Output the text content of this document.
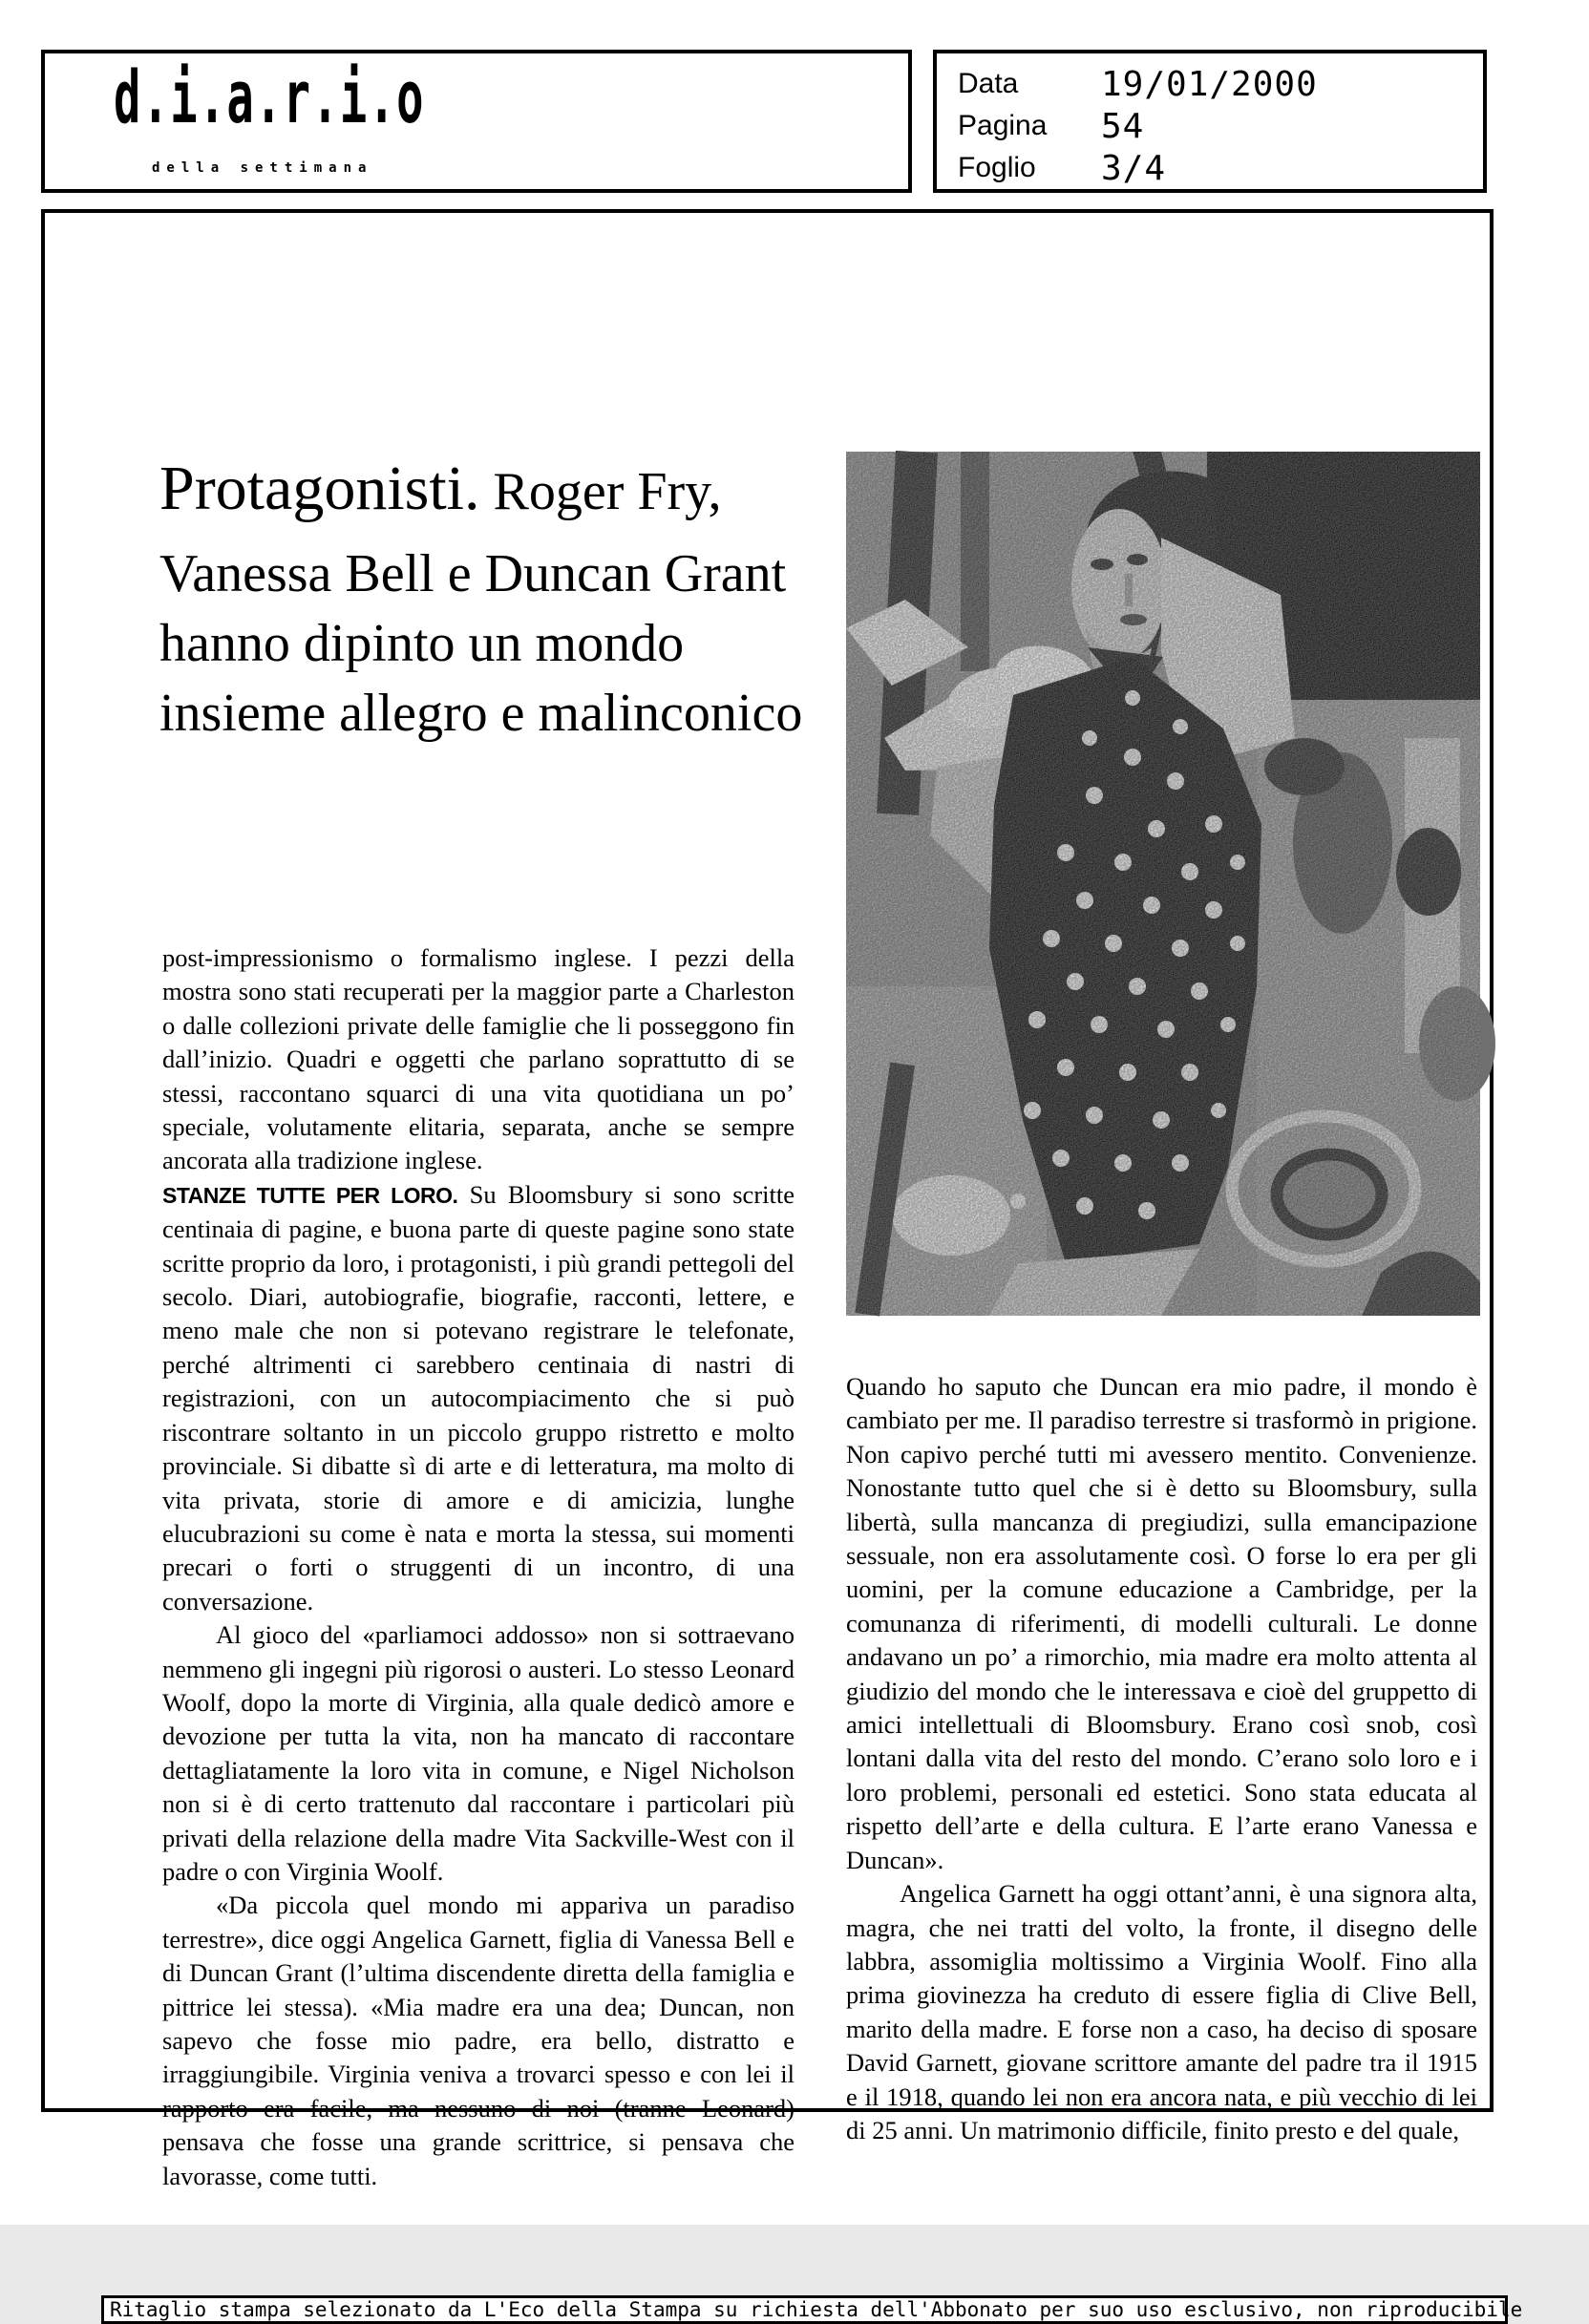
d.i.a.r.i.o
della settimana
Data	19/01/2000
Pagina	54
Foglio	3/4
Protagonisti. Roger Fry,
Vanessa Bell e Duncan Grant
hanno dipinto un mondo
insieme allegro e malinconico

post-impressionismo o formalismo inglese. I pezzi della mostra sono stati recuperati per la maggior parte a Charleston o dalle collezioni private delle famiglie che li posseggono fin dall’inizio. Quadri e oggetti che parlano soprattutto di se stessi, raccontano squarci di una vita quotidiana un po’ speciale, volutamente elitaria, separata, anche se sempre ancorata alla tradizione inglese.

STANZE TUTTE PER LORO. Su Bloomsbury si sono scritte centinaia di pagine, e buona parte di queste pagine sono state scritte proprio da loro, i protagonisti, i più grandi pettegoli del secolo. Diari, autobiografie, biografie, racconti, lettere, e meno male che non si potevano registrare le telefonate, perché altrimenti ci sarebbero centinaia di nastri di registrazioni, con un autocompiacimento che si può riscontrare soltanto in un piccolo gruppo ristretto e molto provinciale. Si dibatte sì di arte e di letteratura, ma molto di vita privata, storie di amore e di amicizia, lunghe elucubrazioni su come è nata e morta la stessa, sui momenti precari o forti o struggenti di un incontro, di una conversazione.

Al gioco del «parliamoci addosso» non si sottraevano nemmeno gli ingegni più rigorosi o austeri. Lo stesso Leonard Woolf, dopo la morte di Virginia, alla quale dedicò amore e devozione per tutta la vita, non ha mancato di raccontare dettagliatamente la loro vita in comune, e Nigel Nicholson non si è di certo trattenuto dal raccontare i particolari più privati della relazione della madre Vita Sackville-West con il padre o con Virginia Woolf.

«Da piccola quel mondo mi appariva un paradiso terrestre», dice oggi Angelica Garnett, figlia di Vanessa Bell e di Duncan Grant (l’ultima discendente diretta della famiglia e pittrice lei stessa). «Mia madre era una dea; Duncan, non sapevo che fosse mio padre, era bello, distratto e irraggiungibile. Virginia veniva a trovarci spesso e con lei il rapporto era facile, ma nessuno di noi (tranne Leonard) pensava che fosse una grande scrittrice, si pensava che lavorasse, come tutti.

Quando ho saputo che Duncan era mio padre, il mondo è cambiato per me. Il paradiso terrestre si trasformò in prigione. Non capivo perché tutti mi avessero mentito. Convenienze. Nonostante tutto quel che si è detto su Bloomsbury, sulla libertà, sulla mancanza di pregiudizi, sulla emancipazione sessuale, non era assolutamente così. O forse lo era per gli uomini, per la comune educazione a Cambridge, per la comunanza di riferimenti, di modelli culturali. Le donne andavano un po’ a rimorchio, mia madre era molto attenta al giudizio del mondo che le interessava e cioè del gruppetto di amici intellettuali di Bloomsbury. Erano così snob, così lontani dalla vita del resto del mondo. C’erano solo loro e i loro problemi, personali ed estetici. Sono stata educata al rispetto dell’arte e della cultura. E l’arte erano Vanessa e Duncan».

Angelica Garnett ha oggi ottant’anni, è una signora alta, magra, che nei tratti del volto, la fronte, il disegno delle labbra, assomiglia moltissimo a Virginia Woolf. Fino alla prima giovinezza ha creduto di essere figlia di Clive Bell, marito della madre. E forse non a caso, ha deciso di sposare David Garnett, giovane scrittore amante del padre tra il 1915 e il 1918, quando lei non era ancora nata, e più vecchio di lei di 25 anni. Un matrimonio difficile, finito presto e del quale,

Ritaglio stampa selezionato da L'Eco della Stampa su richiesta dell'Abbonato per suo uso esclusivo, non riproducibile
